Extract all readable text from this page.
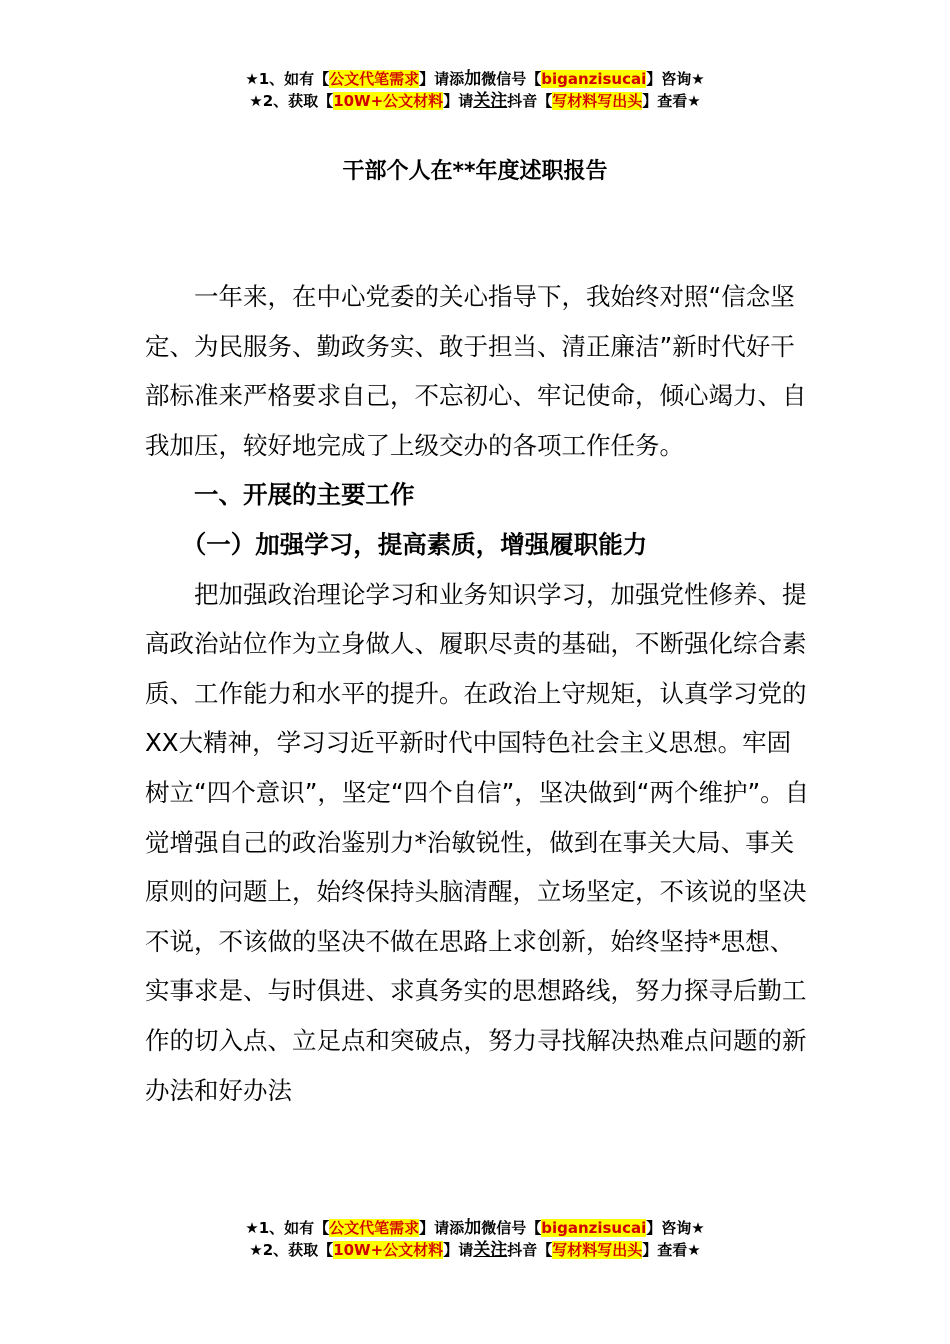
★1、如有【公文代笔需求】请添加微信号【biganzisucai】咨询★
★2、获取【10W+公文材料】请关注抖音【写材料写出头】查看★
干部个人在**年度述职报告

一年来，在中心党委的关心指导下，我始终对照“信念坚定、为民服务、勤政务实、敢于担当、清正廉洁”新时代好干部标准来严格要求自己，不忘初心、牢记使命，倾心竭力、自我加压，较好地完成了上级交办的各项工作任务。

一、开展的主要工作
（一）加强学习，提高素质，增强履职能力

把加强政治理论学习和业务知识学习，加强党性修养、提高政治站位作为立身做人、履职尽责的基础，不断强化综合素质、工作能力和水平的提升。在政治上守规矩，认真学习党的XX大精神，学习习近平新时代中国特色社会主义思想。牢固树立“四个意识”，坚定“四个自信”，坚决做到“两个维护”。自觉增强自己的政治鉴别力*治敏锐性，做到在事关大局、事关原则的问题上，始终保持头脑清醒，立场坚定，不该说的坚决不说，不该做的坚决不做在思路上求创新，始终坚持*思想、实事求是、与时俱进、求真务实的思想路线，努力探寻后勤工作的切入点、立足点和突破点，努力寻找解决热难点问题的新办法和好办法

★1、如有【公文代笔需求】请添加微信号【biganzisucai】咨询★
★2、获取【10W+公文材料】请关注抖音【写材料写出头】查看★
